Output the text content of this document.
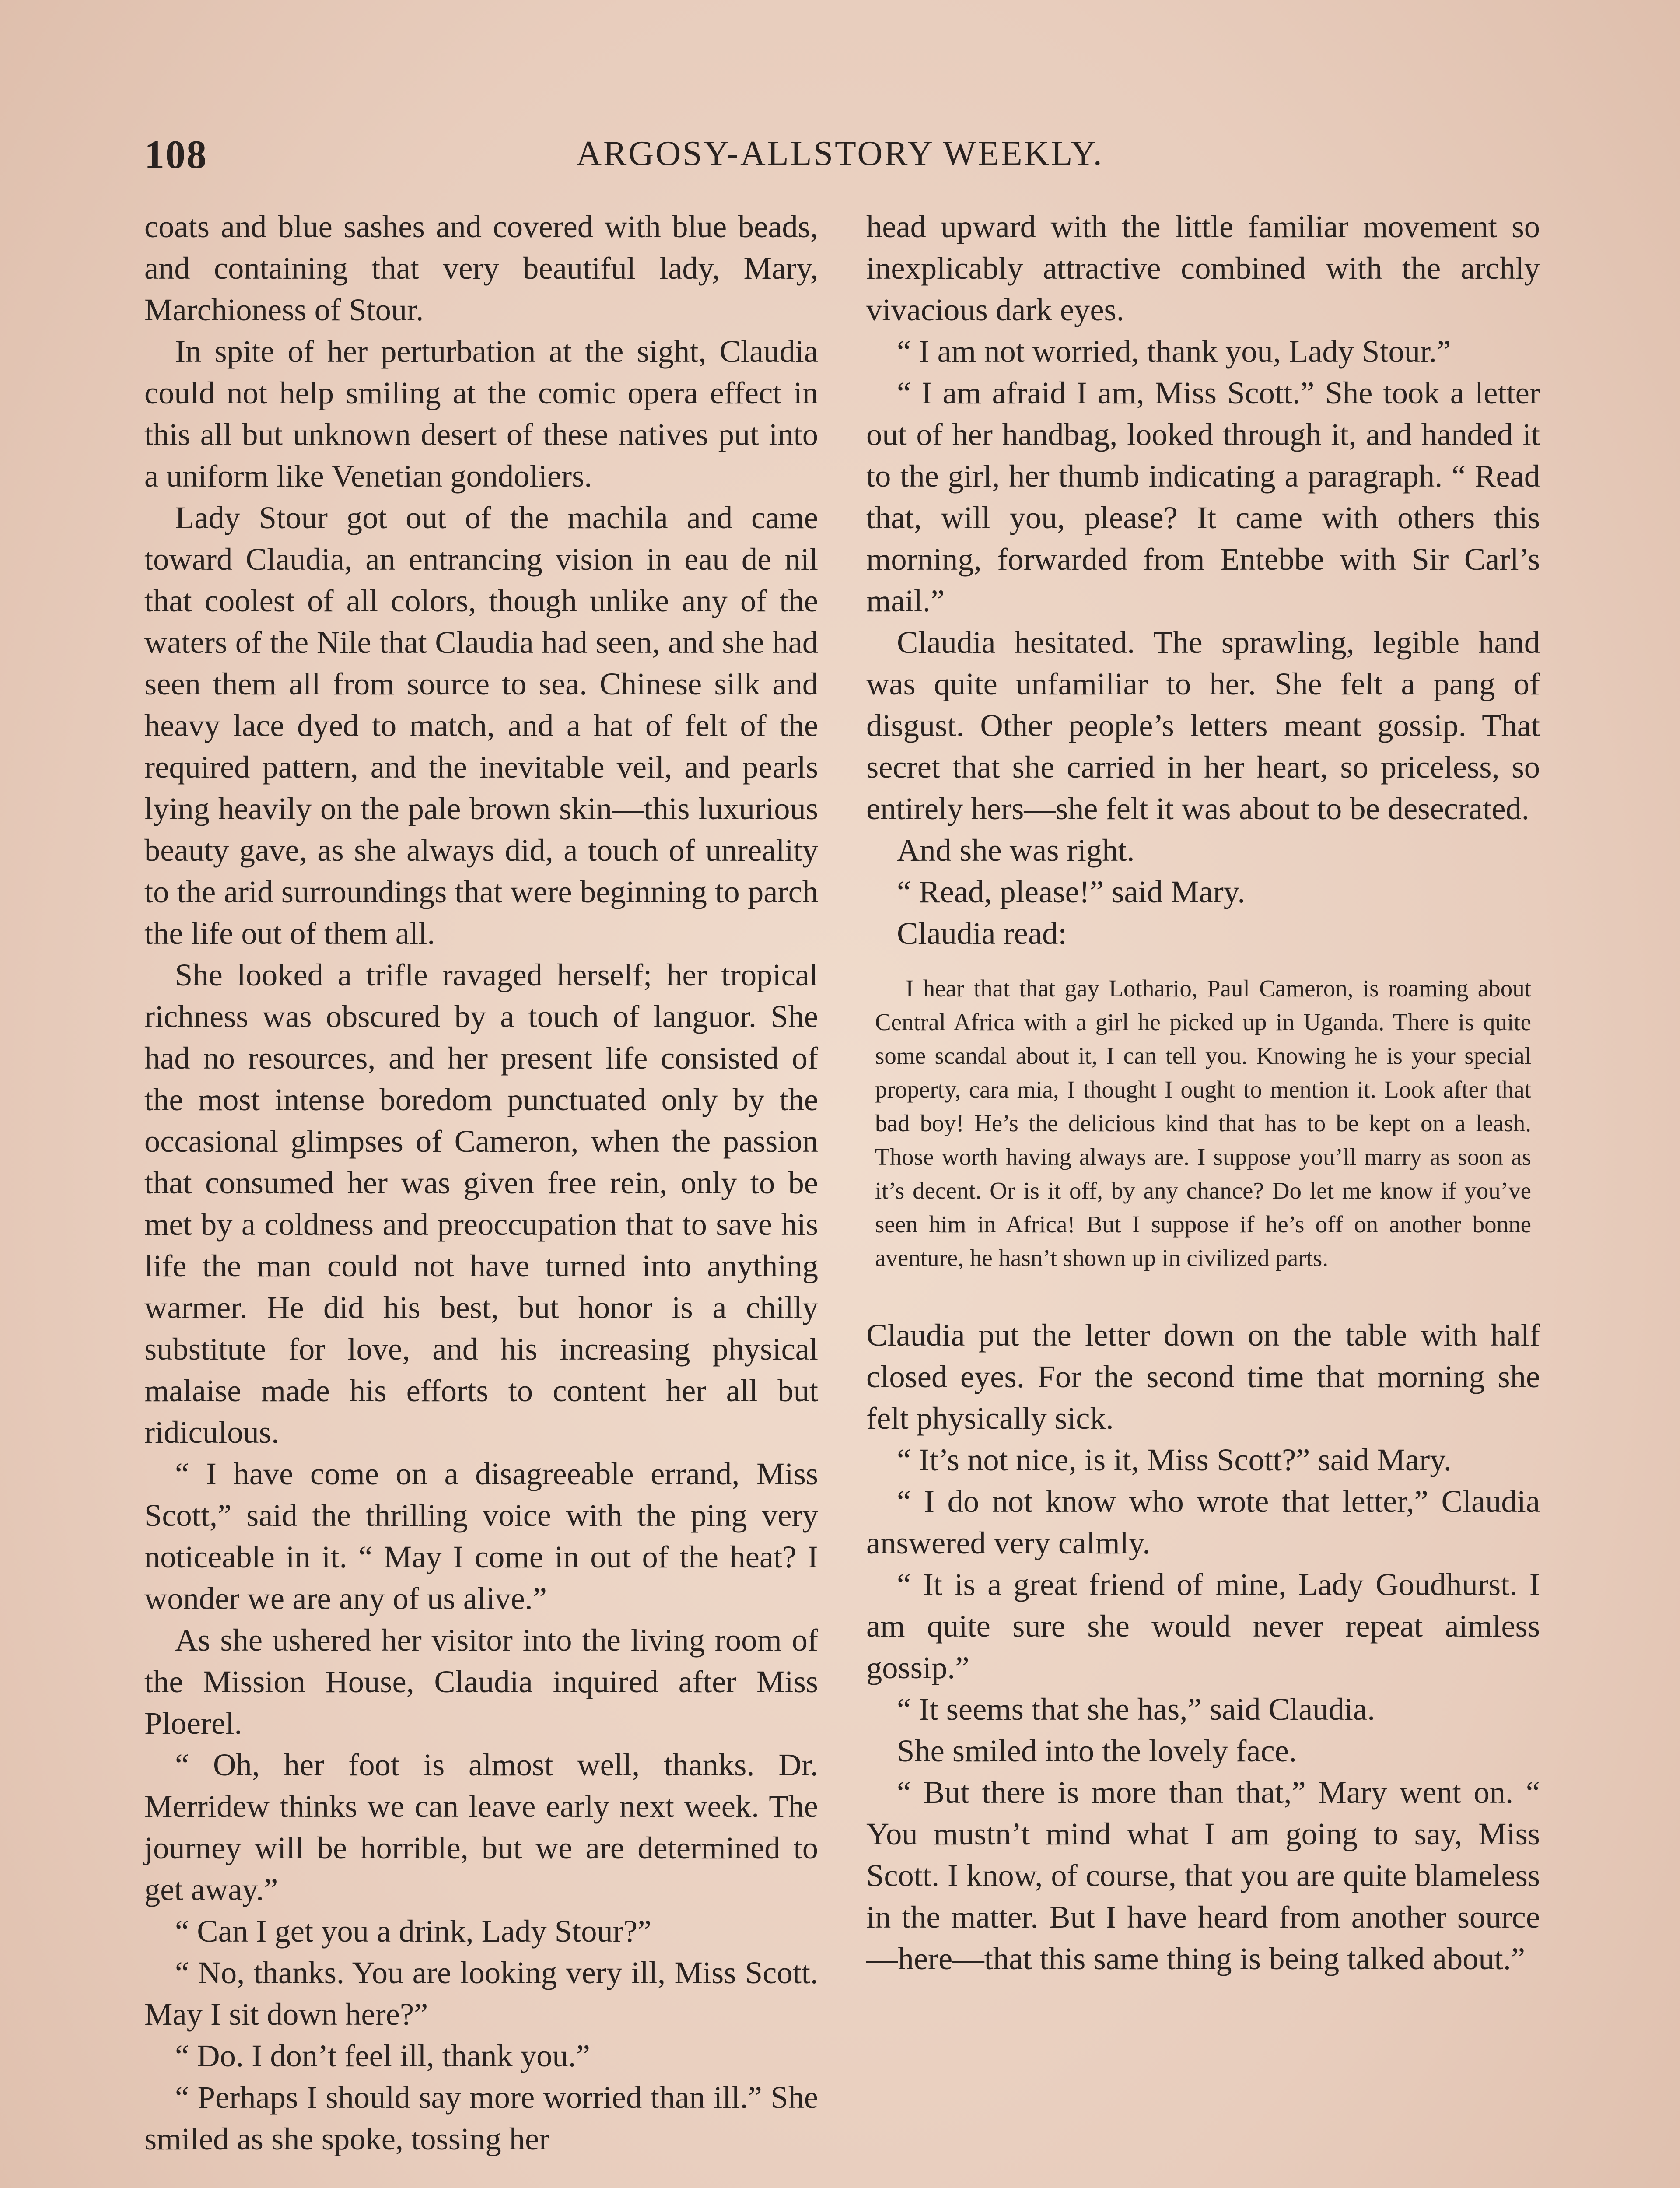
108	ARGOSY-ALLSTORY WEEKLY.

coats and blue sashes and covered with blue beads, and containing that very beautiful lady, Mary, Marchioness of Stour.

In spite of her perturbation at the sight, Claudia could not help smiling at the comic opera effect in this all but unknown desert of these natives put into a uniform like Venetian gondoliers.

Lady Stour got out of the machila and came toward Claudia, an entrancing vision in eau de nil that coolest of all colors, though unlike any of the waters of the Nile that Claudia had seen, and she had seen them all from source to sea. Chinese silk and heavy lace dyed to match, and a hat of felt of the required pattern, and the inevitable veil, and pearls lying heavily on the pale brown skin—this luxurious beauty gave, as she always did, a touch of unreality to the arid surroundings that were beginning to parch the life out of them all.

She looked a trifle ravaged herself; her tropical richness was obscured by a touch of languor. She had no resources, and her present life consisted of the most intense boredom punctuated only by the occasional glimpses of Cameron, when the passion that consumed her was given free rein, only to be met by a coldness and preoccupation that to save his life the man could not have turned into anything warmer. He did his best, but honor is a chilly substitute for love, and his increasing physical malaise made his efforts to content her all but ridiculous.

“ I have come on a disagreeable errand, Miss Scott,” said the thrilling voice with the ping very noticeable in it. “ May I come in out of the heat? I wonder we are any of us alive.”

As she ushered her visitor into the living room of the Mission House, Claudia inquired after Miss Ploerel.

“ Oh, her foot is almost well, thanks. Dr. Merridew thinks we can leave early next week. The journey will be horrible, but we are determined to get away.”

“ Can I get you a drink, Lady Stour?”

“ No, thanks. You are looking very ill, Miss Scott. May I sit down here?”

“ Do. I don’t feel ill, thank you.”

“ Perhaps I should say more worried than ill.” She smiled as she spoke, tossing her

head upward with the little familiar movement so inexplicably attractive combined with the archly vivacious dark eyes.

“ I am not worried, thank you, Lady Stour.”

“ I am afraid I am, Miss Scott.” She took a letter out of her handbag, looked through it, and handed it to the girl, her thumb indicating a paragraph. “ Read that, will you, please? It came with others this morning, forwarded from Entebbe with Sir Carl’s mail.”

Claudia hesitated. The sprawling, legible hand was quite unfamiliar to her. She felt a pang of disgust. Other people’s letters meant gossip. That secret that she carried in her heart, so priceless, so entirely hers—she felt it was about to be desecrated.

And she was right.

“ Read, please!” said Mary.

Claudia read:

I hear that that gay Lothario, Paul Cameron, is roaming about Central Africa with a girl he picked up in Uganda. There is quite some scandal about it, I can tell you. Knowing he is your special property, cara mia, I thought I ought to mention it. Look after that bad boy! He’s the delicious kind that has to be kept on a leash. Those worth having always are. I suppose you’ll marry as soon as it’s decent. Or is it off, by any chance? Do let me know if you’ve seen him in Africa! But I suppose if he’s off on another bonne aventure, he hasn’t shown up in civilized parts.

Claudia put the letter down on the table with half closed eyes. For the second time that morning she felt physically sick.

“ It’s not nice, is it, Miss Scott?” said Mary.

“ I do not know who wrote that letter,” Claudia answered very calmly.

“ It is a great friend of mine, Lady Goudhurst. I am quite sure she would never repeat aimless gossip.”

“ It seems that she has,” said Claudia.

She smiled into the lovely face.

“ But there is more than that,” Mary went on. “ You mustn’t mind what I am going to say, Miss Scott. I know, of course, that you are quite blameless in the matter. But I have heard from another source—here—that this same thing is being talked about.”
